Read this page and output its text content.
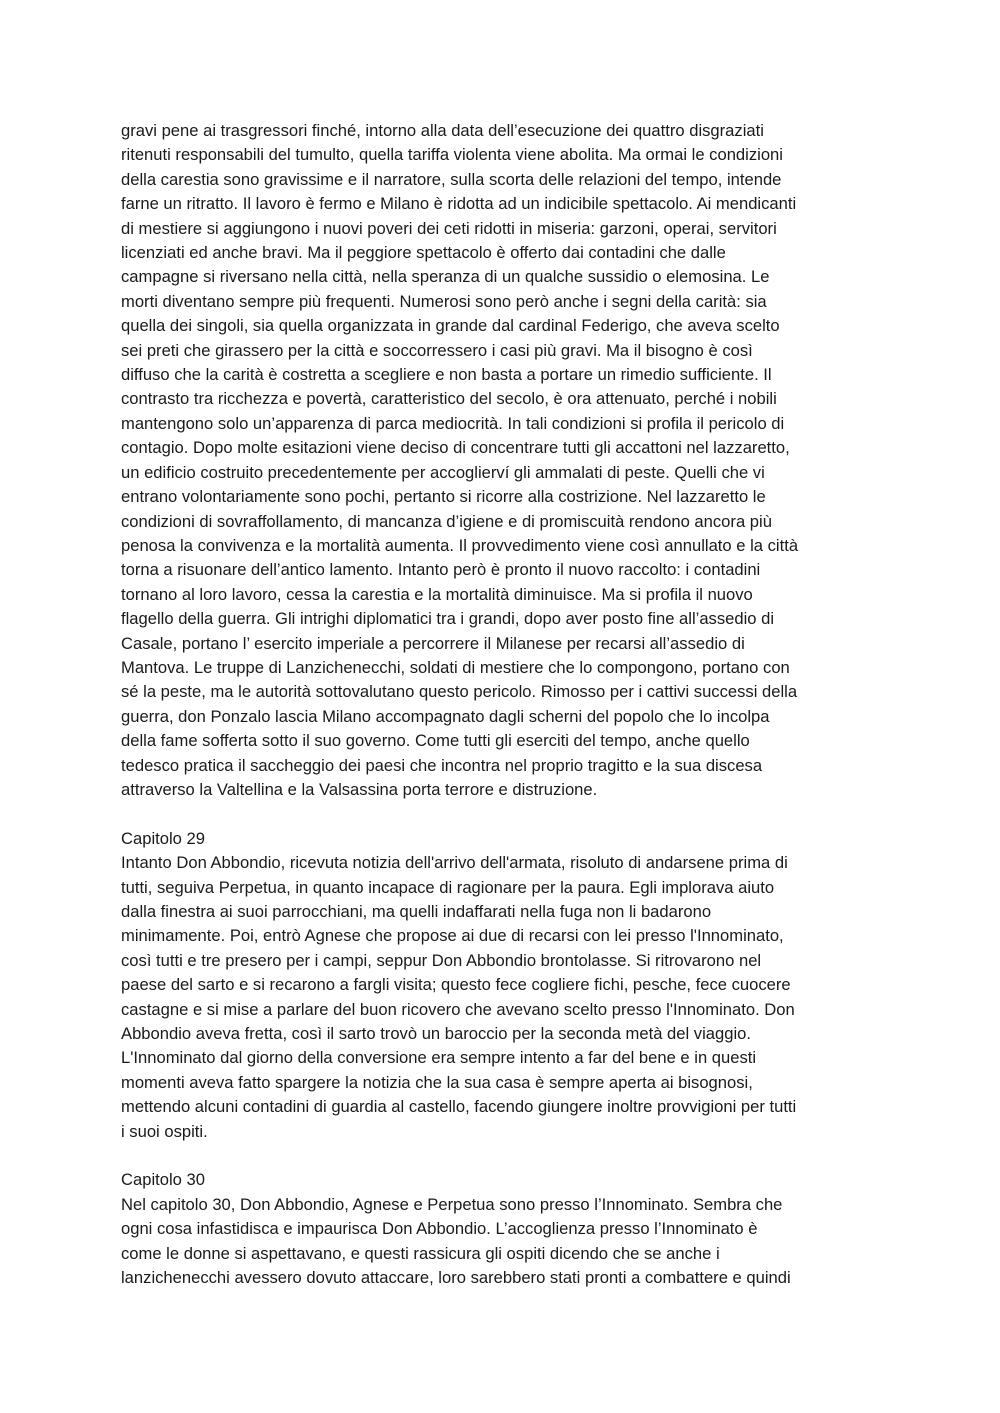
gravi pene ai trasgressori finché, intorno alla data dell’esecuzione dei quattro disgraziati

ritenuti responsabili del tumulto, quella tariffa violenta viene abolita. Ma ormai le condizioni

della carestia sono gravissime e il narratore, sulla scorta delle relazioni del tempo, intende

farne un ritratto. Il lavoro è fermo e Milano è ridotta ad un indicibile spettacolo. Ai mendicanti

di mestiere si aggiungono i nuovi poveri dei ceti ridotti in miseria: garzoni, operai, servitori

licenziati ed anche bravi. Ma il peggiore spettacolo è offerto dai contadini che dalle

campagne si riversano nella città, nella speranza di un qualche sussidio o elemosina. Le

morti diventano sempre più frequenti. Numerosi sono però anche i segni della carità: sia

quella dei singoli, sia quella organizzata in grande dal cardinal Federigo, che aveva scelto

sei preti che girassero per la città e soccorressero i casi più gravi. Ma il bisogno è così

diffuso che la carità è costretta a scegliere e non basta a portare un rimedio sufficiente. Il

contrasto tra ricchezza e povertà, caratteristico del secolo, è ora attenuato, perché i nobili

mantengono solo un’apparenza di parca mediocrità. In tali condizioni si profila il pericolo di

contagio. Dopo molte esitazioni viene deciso di concentrare tutti gli accattoni nel lazzaretto,

un edificio costruito precedentemente per accoglierví gli ammalati di peste. Quelli che vi

entrano volontariamente sono pochi, pertanto si ricorre alla costrizione. Nel lazzaretto le

condizioni di sovraffollamento, di mancanza d’igiene e di promiscuità rendono ancora più

penosa la convivenza e la mortalità aumenta. Il provvedimento viene così annullato e la città

torna a risuonare dell’antico lamento. Intanto però è pronto il nuovo raccolto: i contadini

tornano al loro lavoro, cessa la carestia e la mortalità diminuisce. Ma si profila il nuovo

flagello della guerra. Gli intrighi diplomatici tra i grandi, dopo aver posto fine all’assedio di

Casale, portano l’ esercito imperiale a percorrere il Milanese per recarsi all’assedio di

Mantova. Le truppe di Lanzichenecchi, soldati di mestiere che lo compongono, portano con

sé la peste, ma le autorità sottovalutano questo pericolo. Rimosso per i cattivi successi della

guerra, don Ponzalo lascia Milano accompagnato dagli scherni del popolo che lo incolpa

della fame sofferta sotto il suo governo. Come tutti gli eserciti del tempo, anche quello

tedesco pratica il saccheggio dei paesi che incontra nel proprio tragitto e la sua discesa

attraverso la Valtellina e la Valsassina porta terrore e distruzione.

Capitolo 29

Intanto Don Abbondio, ricevuta notizia dell'arrivo dell'armata, risoluto di andarsene prima di

tutti, seguiva Perpetua, in quanto incapace di ragionare per la paura. Egli implorava aiuto

dalla finestra ai suoi parrocchiani, ma quelli indaffarati nella fuga non li badarono

minimamente. Poi, entrò Agnese che propose ai due di recarsi con lei presso l'Innominato,

così tutti e tre presero per i campi, seppur Don Abbondio brontolasse. Si ritrovarono nel

paese del sarto e si recarono a fargli visita; questo fece cogliere fichi, pesche, fece cuocere

castagne e si mise a parlare del buon ricovero che avevano scelto presso l'Innominato. Don

Abbondio aveva fretta, così il sarto trovò un baroccio per la seconda metà del viaggio.

L'Innominato dal giorno della conversione era sempre intento a far del bene e in questi

momenti aveva fatto spargere la notizia che la sua casa è sempre aperta ai bisognosi,

mettendo alcuni contadini di guardia al castello, facendo giungere inoltre provvigioni per tutti

i suoi ospiti.

Capitolo 30

Nel capitolo 30, Don Abbondio, Agnese e Perpetua sono presso l’Innominato. Sembra che

ogni cosa infastidisca e impaurisca Don Abbondio. L’accoglienza presso l’Innominato è

come le donne si aspettavano, e questi rassicura gli ospiti dicendo che se anche i

lanzichenecchi avessero dovuto attaccare, loro sarebbero stati pronti a combattere e quindi
